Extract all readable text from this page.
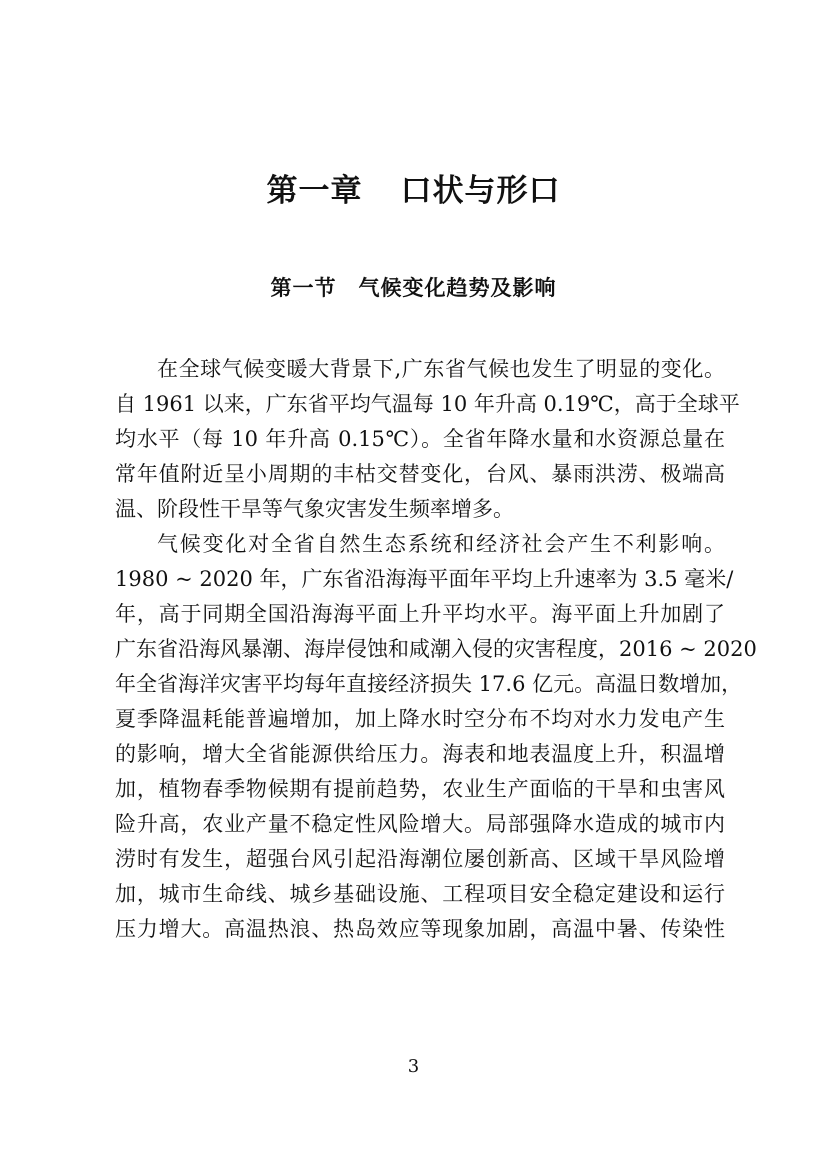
第一章 口状与形口
第一节 气候变化趋势及影响
在全球气候变暖大背景下,广东省气候也发生了明显的变化。
自 1961 以来，广东省平均气温每 10 年升高 0.19℃，高于全球平
均水平（每 10 年升高 0.15℃）。全省年降水量和水资源总量在
常年值附近呈小周期的丰枯交替变化，台风、暴雨洪涝、极端高
温、阶段性干旱等气象灾害发生频率增多。
气候变化对全省自然生态系统和经济社会产生不利影响。
1980 ~ 2020 年，广东省沿海海平面年平均上升速率为 3.5 毫米/
年，高于同期全国沿海海平面上升平均水平。海平面上升加剧了
广东省沿海风暴潮、海岸侵蚀和咸潮入侵的灾害程度，2016 ~ 2020
年全省海洋灾害平均每年直接经济损失 17.6 亿元。高温日数增加，
夏季降温耗能普遍增加，加上降水时空分布不均对水力发电产生
的影响，增大全省能源供给压力。海表和地表温度上升，积温增
加，植物春季物候期有提前趋势，农业生产面临的干旱和虫害风
险升高，农业产量不稳定性风险增大。局部强降水造成的城市内
涝时有发生，超强台风引起沿海潮位屡创新高、区域干旱风险增
加，城市生命线、城乡基础设施、工程项目安全稳定建设和运行
压力增大。高温热浪、热岛效应等现象加剧，高温中暑、传染性
3
